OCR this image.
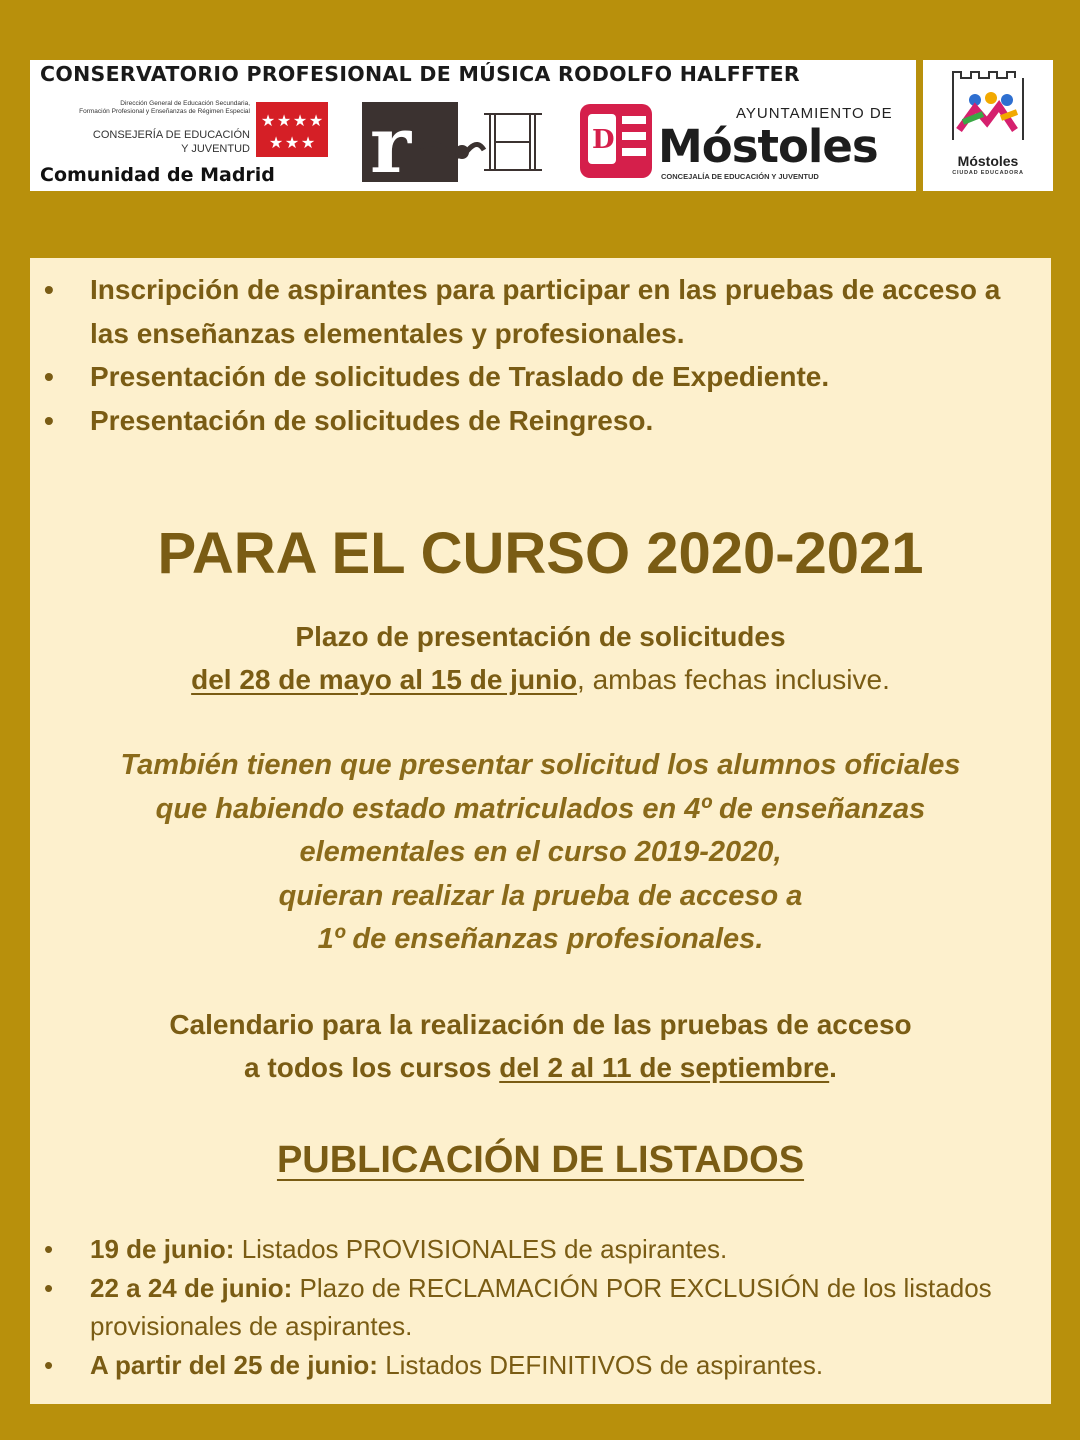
CONSERVATORIO PROFESIONAL DE MÚSICA RODOLFO HALFFTER
Dirección General de Educación Secundaria,
Formación Profesional y Enseñanzas de Régimen Especial
CONSEJERÍA DE EDUCACIÓN
Y JUVENTUD
★ ★ ★ ★
★ ★ ★
Comunidad de Madrid r	D
AYUNTAMIENTO DE
Móstoles
CONCEJALÍA DE EDUCACIÓN Y JUVENTUD
Móstoles
CIUDAD EDUCADORA
• Inscripción de aspirantes para participar en las pruebas de acceso a las enseñanzas elementales y profesionales.
• Presentación de solicitudes de Traslado de Expediente.
• Presentación de solicitudes de Reingreso.
PARA EL CURSO 2020-2021
Plazo de presentación de solicitudes
del 28 de mayo al 15 de junio, ambas fechas inclusive.
También tienen que presentar solicitud los alumnos oficiales
que habiendo estado matriculados en 4º de enseñanzas
elementales en el curso 2019-2020,
quieran realizar la prueba de acceso a
1º de enseñanzas profesionales.
Calendario para la realización de las pruebas de acceso
a todos los cursos del 2 al 11 de septiembre.
PUBLICACIÓN DE LISTADOS
• 19 de junio: Listados PROVISIONALES de aspirantes.
• 22 a 24 de junio: Plazo de RECLAMACIÓN POR EXCLUSIÓN de los listados provisionales de aspirantes.
• A partir del 25 de junio: Listados DEFINITIVOS de aspirantes.
